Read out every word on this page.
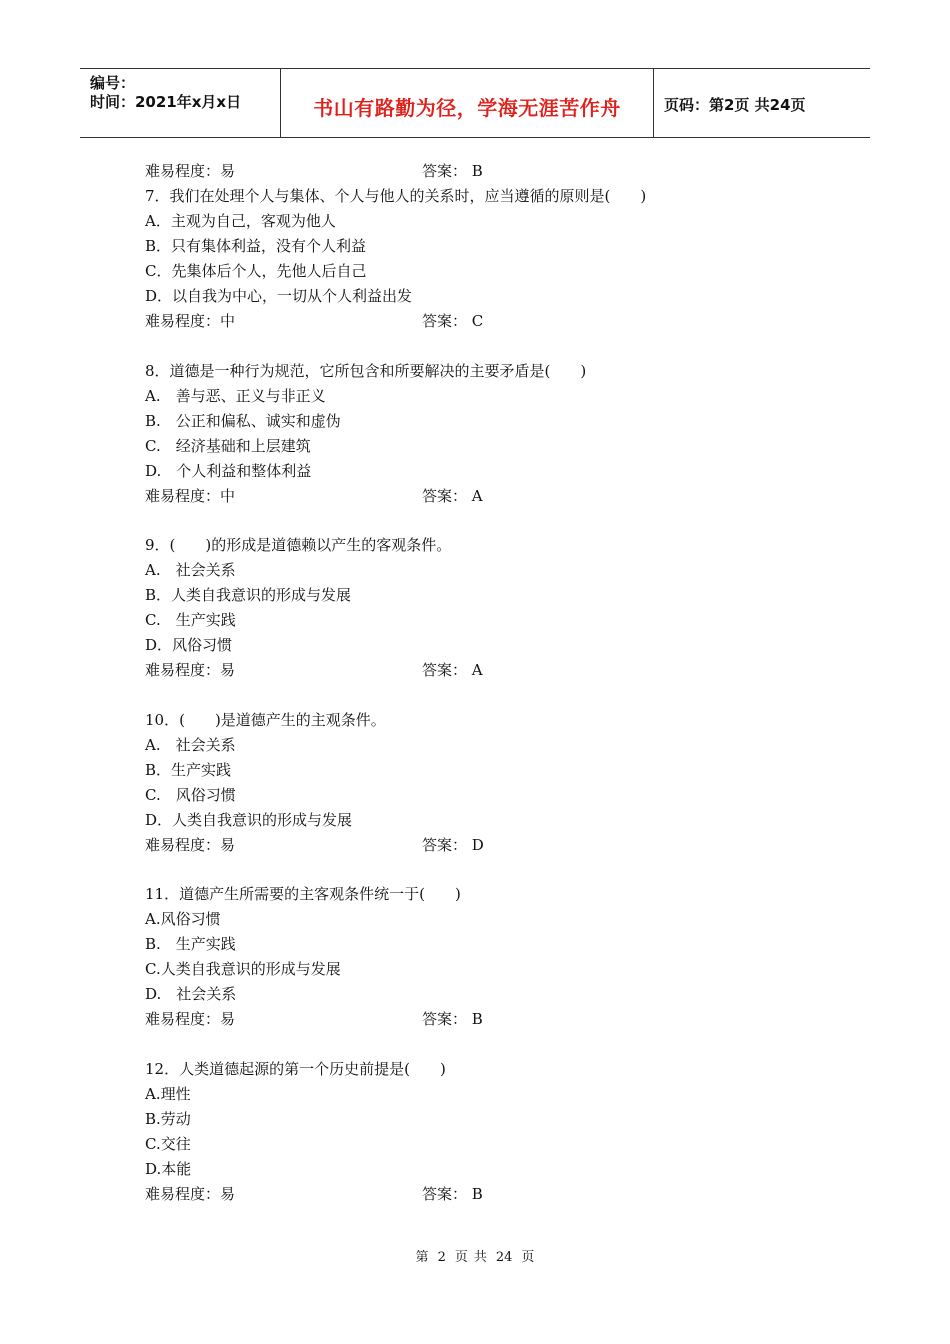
编号：
时间：2021年x月x日	书山有路勤为径，学海无涯苦作舟	页码：第2页 共24页
难易程度：易	答案： B
7．我们在处理个人与集体、个人与他人的关系时，应当遵循的原则是(　　)
A．主观为自己，客观为他人
B．只有集体利益，没有个人利益
C．先集体后个人，先他人后自己
D．以自我为中心，一切从个人利益出发
难易程度：中	答案： C
8．道德是一种行为规范，它所包含和所要解决的主要矛盾是(　　)
A.　善与恶、正义与非正义
B.　公正和偏私、诚实和虚伪
C.　经济基础和上层建筑
D.　个人利益和整体利益
难易程度：中	答案： A
9．(　　)的形成是道德赖以产生的客观条件。
A.　社会关系
B．人类自我意识的形成与发展
C.　生产实践
D．风俗习惯
难易程度：易	答案： A
10．(　　)是道德产生的主观条件。
A.　社会关系
B．生产实践
C.　风俗习惯
D．人类自我意识的形成与发展
难易程度：易	答案： D
11．道德产生所需要的主客观条件统一于(　　)
A.风俗习惯
B.　生产实践
C.人类自我意识的形成与发展
D.　社会关系
难易程度：易	答案： B
12．人类道德起源的第一个历史前提是(　　)
A.理性
B.劳动
C.交往
D.本能
难易程度：易	答案： B
第 2 页 共 24 页
